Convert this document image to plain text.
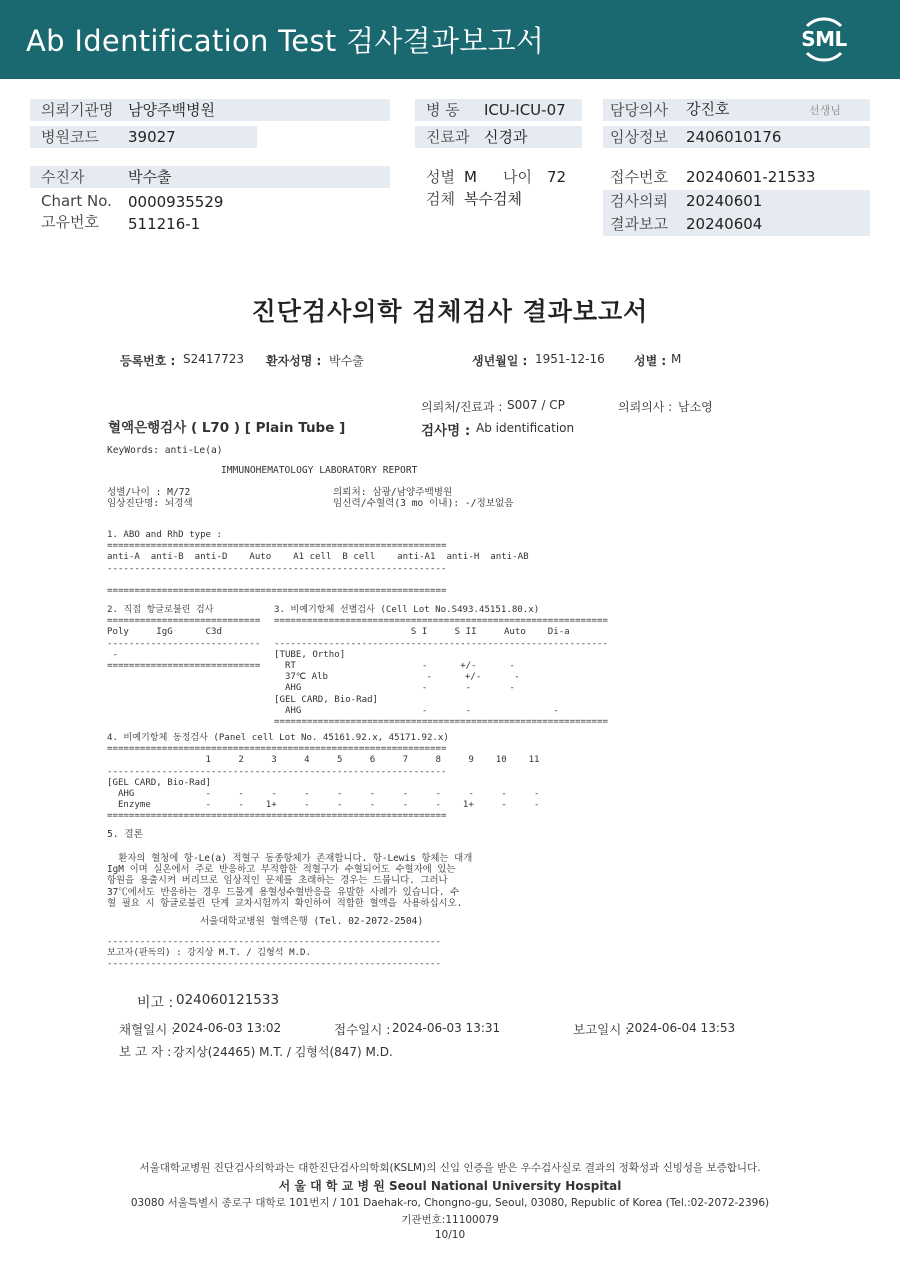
Ab Identification Test 검사결과보고서	SML
의뢰기관명 남양주백병원
병원코드 39027
수진자	박수출
Chart No. 0000935529
고유번호 511216-1
병 동 ICU-ICU-07
진료과 신경과
성별 M 나이 72
검체 복수검체
담당의사 강진호	선생님
임상정보 2406010176
접수번호 20240601-21533
검사의뢰 20240601
결과보고 20240604
진단검사의학 검체검사 결과보고서
등록번호 : S2417723 환자성명 : 박수출	생년월일 : 1951-12-16 성별 : M
의뢰처/진료과 : S007 / CP	의뢰의사 : 남소영
혈액은행검사 ( L70 ) [ Plain Tube ]	검사명 : Ab identification
KeyWords: anti-Le(a)
IMMUNOHEMATOLOGY LABORATORY REPORT
성별/나이 : M/72
임상진단명: 뇌경색
의뢰처: 삼광/남양주백병원
임신력/수혈력(3 mo 이내): -/정보없음
1. ABO and RhD type :
==============================================================
anti-A  anti-B  anti-D    Auto    A1 cell  B cell    anti-A1  anti-H  anti-AB
--------------------------------------------------------------

==============================================================
2. 직접 항글로불린 검사
============================
Poly     IgG      C3d
----------------------------
-
============================
3. 비예기항체 선별검사 (Cell Lot No.S493.45151.80.x)
=============================================================
S I     S II     Auto    Di-a
-------------------------------------------------------------
[TUBE, Ortho]
RT                       -      +/-      -
37℃ Alb                  -      +/-      -
AHG                      -       -       -
[GEL CARD, Bio-Rad]
AHG                      -       -               -
=============================================================
4. 비예기항체 동정검사 (Panel cell Lot No. 45161.92.x, 45171.92.x)
==============================================================
1     2     3     4     5     6     7     8     9    10    11
--------------------------------------------------------------
[GEL CARD, Bio-Rad]
AHG             -     -     -     -     -     -     -     -     -     -     -
Enzyme          -     -    1+     -     -     -     -     -    1+     -     -
==============================================================
5. 결론
환자의 혈청에 항-Le(a) 적혈구 동종항체가 존재합니다. 항-Lewis 항체는 대개
IgM 이며 실온에서 주로 반응하고 부적합한 적혈구가 수혈되어도 수혈자에 있는
항원을 용출시켜 버리므로 임상적인 문제를 초래하는 경우는 드뭅니다. 그러나
37℃에서도 반응하는 경우 드물게 용혈성수혈반응을 유발한 사례가 있습니다. 수
혈 필요 시 항글로불린 단계 교차시험까지 확인하여 적합한 혈액을 사용하십시오.
서울대학교병원 혈액은행 (Tel. 02-2072-2504)
-------------------------------------------------------------
보고자(판독의) : 강지상 M.T. / 김형석 M.D.
-------------------------------------------------------------
비고 : 024060121533
채혈일시 :
2024-06-03 13:02	접수일시 : 2024-06-03 13:31	보고일시 :
2024-06-04 13:53
보 고 자 : 강지상(24465) M.T. / 김형석(847) M.D.
서울대학교병원 진단검사의학과는 대한진단검사의학회(KSLM)의 신임 인증을 받은 우수검사실로 결과의 정확성과 신빙성을 보증합니다.
서 울 대 학 교 병 원 Seoul National University Hospital
03080 서울특별시 종로구 대학로 101번지 / 101 Daehak-ro, Chongno-gu, Seoul, 03080, Republic of Korea (Tel.:02-2072-2396)
기관번호:11100079
10/10
